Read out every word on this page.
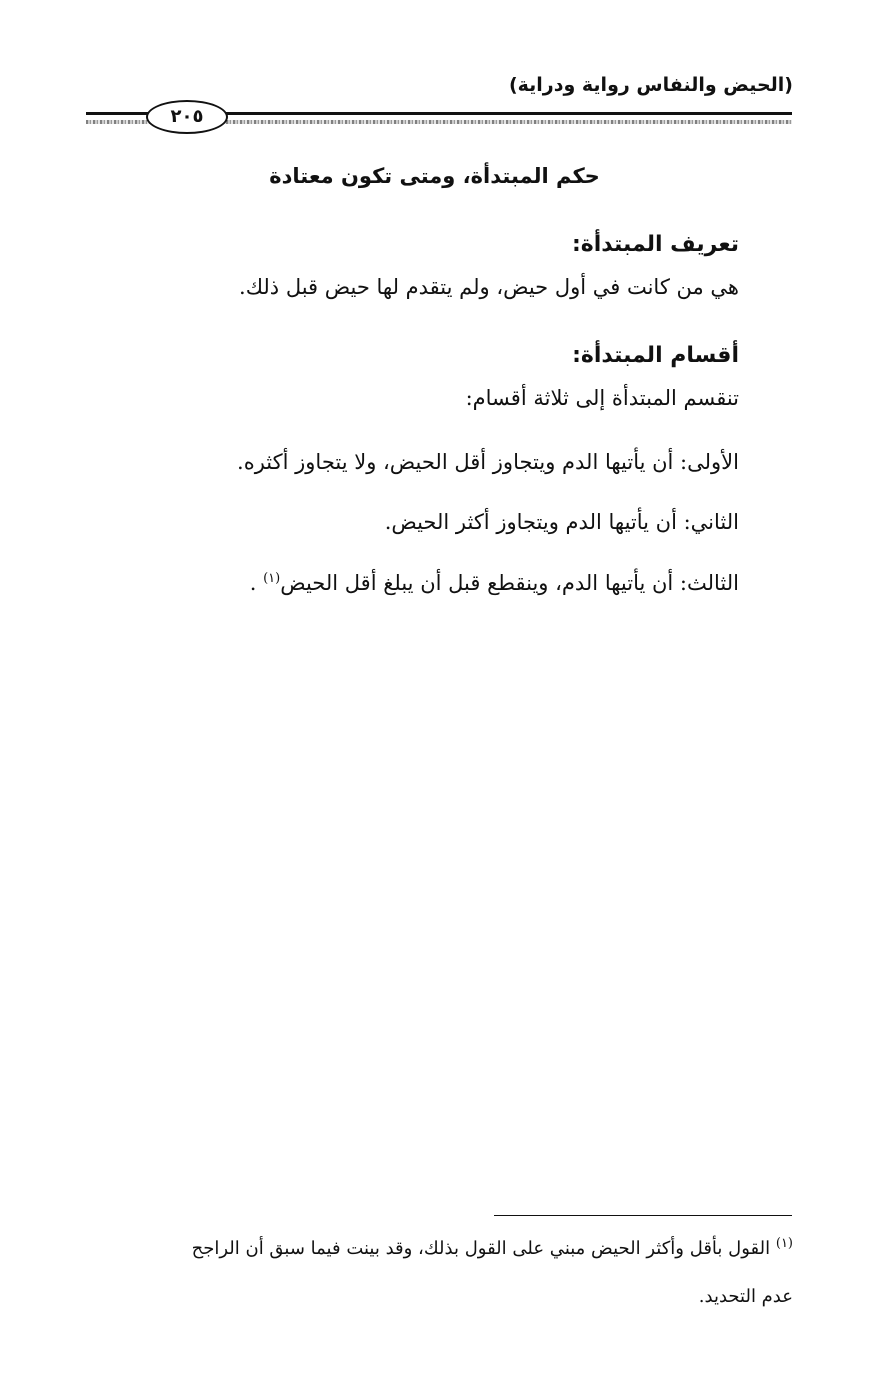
(الحيض والنفاس رواية ودراية)
٢٠٥
حكم المبتدأة، ومتى تكون معتادة
تعريف المبتدأة:
هي من كانت في أول حيض، ولم يتقدم لها حيض قبل ذلك.
أقسام المبتدأة:
تنقسم المبتدأة إلى ثلاثة أقسام:
الأولى: أن يأتيها الدم ويتجاوز أقل الحيض، ولا يتجاوز أكثره.
الثاني: أن يأتيها الدم ويتجاوز أكثر الحيض.
الثالث: أن يأتيها الدم، وينقطع قبل أن يبلغ أقل الحيض$^{(١)}$ .
$^{(١)}$ القول بأقل وأكثر الحيض مبني على القول بذلك، وقد بينت فيما سبق أن الراجح
عدم التحديد.
